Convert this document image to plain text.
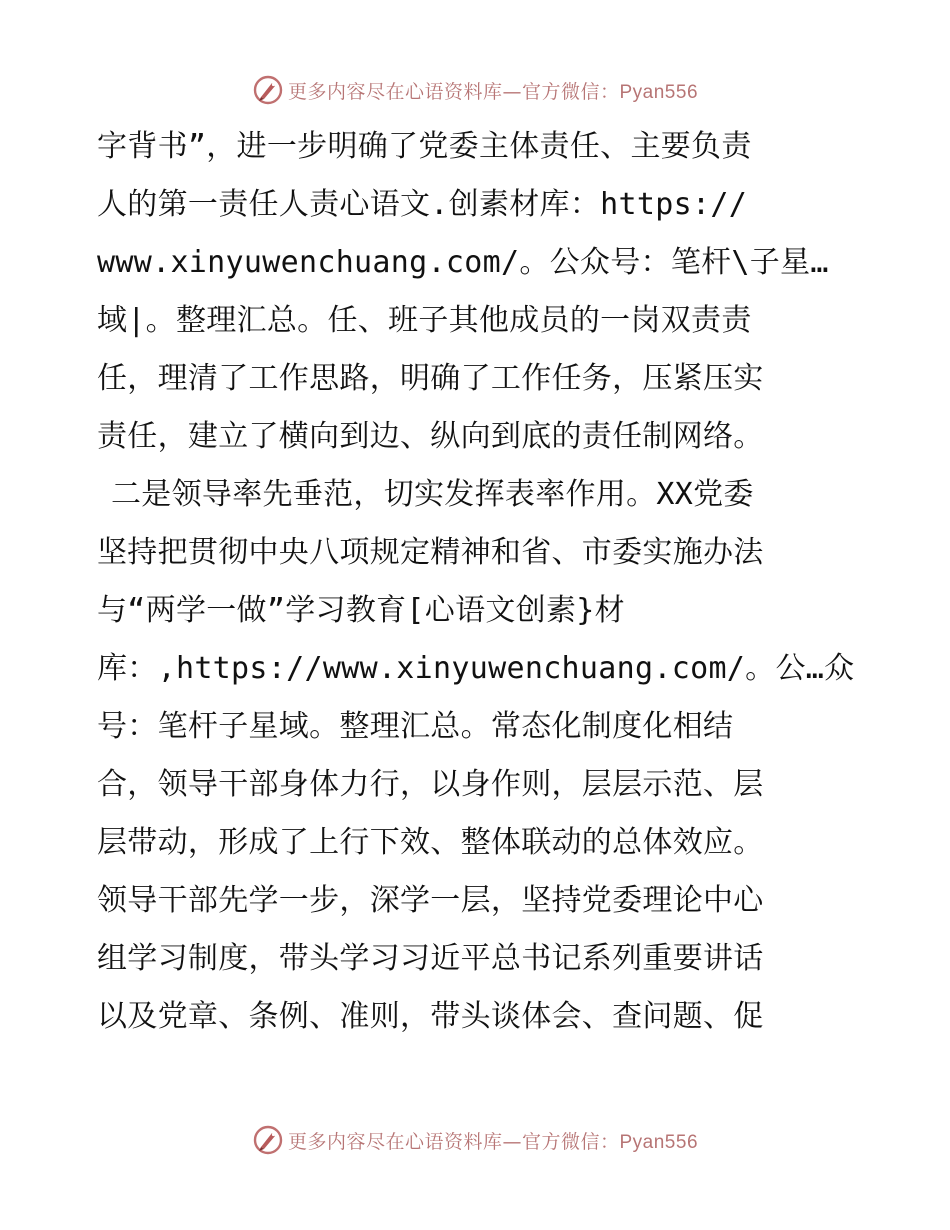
更多内容尽在心语资料库—官方微信：Pyan556
字背书”，进一步明确了党委主体责任、主要负责
人的第一责任人责心语文.创素材库：https://
www.xinyuwenchuang.com/。公众号：笔杆\子星…
域|。整理汇总。任、班子其他成员的一岗双责责
任，理清了工作思路，明确了工作任务，压紧压实
责任，建立了横向到边、纵向到底的责任制网络。
二是领导率先垂范，切实发挥表率作用。XX党委
坚持把贯彻中央八项规定精神和省、市委实施办法
与“两学一做”学习教育[心语文创素}材
库：,https://www.xinyuwenchuang.com/。公…众
号：笔杆子星域。整理汇总。常态化制度化相结
合，领导干部身体力行，以身作则，层层示范、层
层带动，形成了上行下效、整体联动的总体效应。
领导干部先学一步，深学一层，坚持党委理论中心
组学习制度，带头学习习近平总书记系列重要讲话
以及党章、条例、准则，带头谈体会、查问题、促
更多内容尽在心语资料库—官方微信：Pyan556
